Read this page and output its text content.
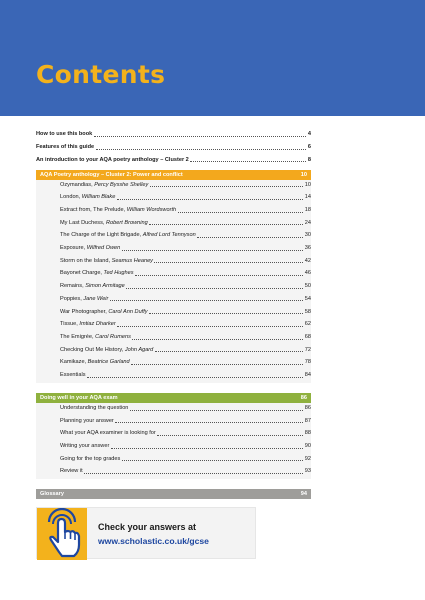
Contents
How to use this book	4
Features of this guide	6
An introduction to your AQA poetry anthology – Cluster 2	8
AQA Poetry anthology – Cluster 2: Power and conflict	10
Ozymandias, Percy Bysshe Shelley	10
London, William Blake	14
Extract from, The Prelude, William Wordsworth	18
My Last Duchess, Robert Browning	24
The Charge of the Light Brigade, Alfred Lord Tennyson	30
Exposure, Wilfred Owen	36
Storm on the Island, Seamus Heaney	42
Bayonet Charge, Ted Hughes	46
Remains, Simon Armitage	50
Poppies, Jane Weir	54
War Photographer, Carol Ann Duffy	58
Tissue, Imtiaz Dharker	62
The Emigrée, Carol Rumens	68
Checking Out Me History, John Agard	72
Kamikaze, Beatrice Garland	78
Essentials	84
Doing well in your AQA exam	86
Understanding the question	86
Planning your answer	87
What your AQA examiner is looking for	88
Writing your answer	90
Going for the top grades	92
Review it	93
Glossary	94
Check your answers at
www.scholastic.co.uk/gcse
